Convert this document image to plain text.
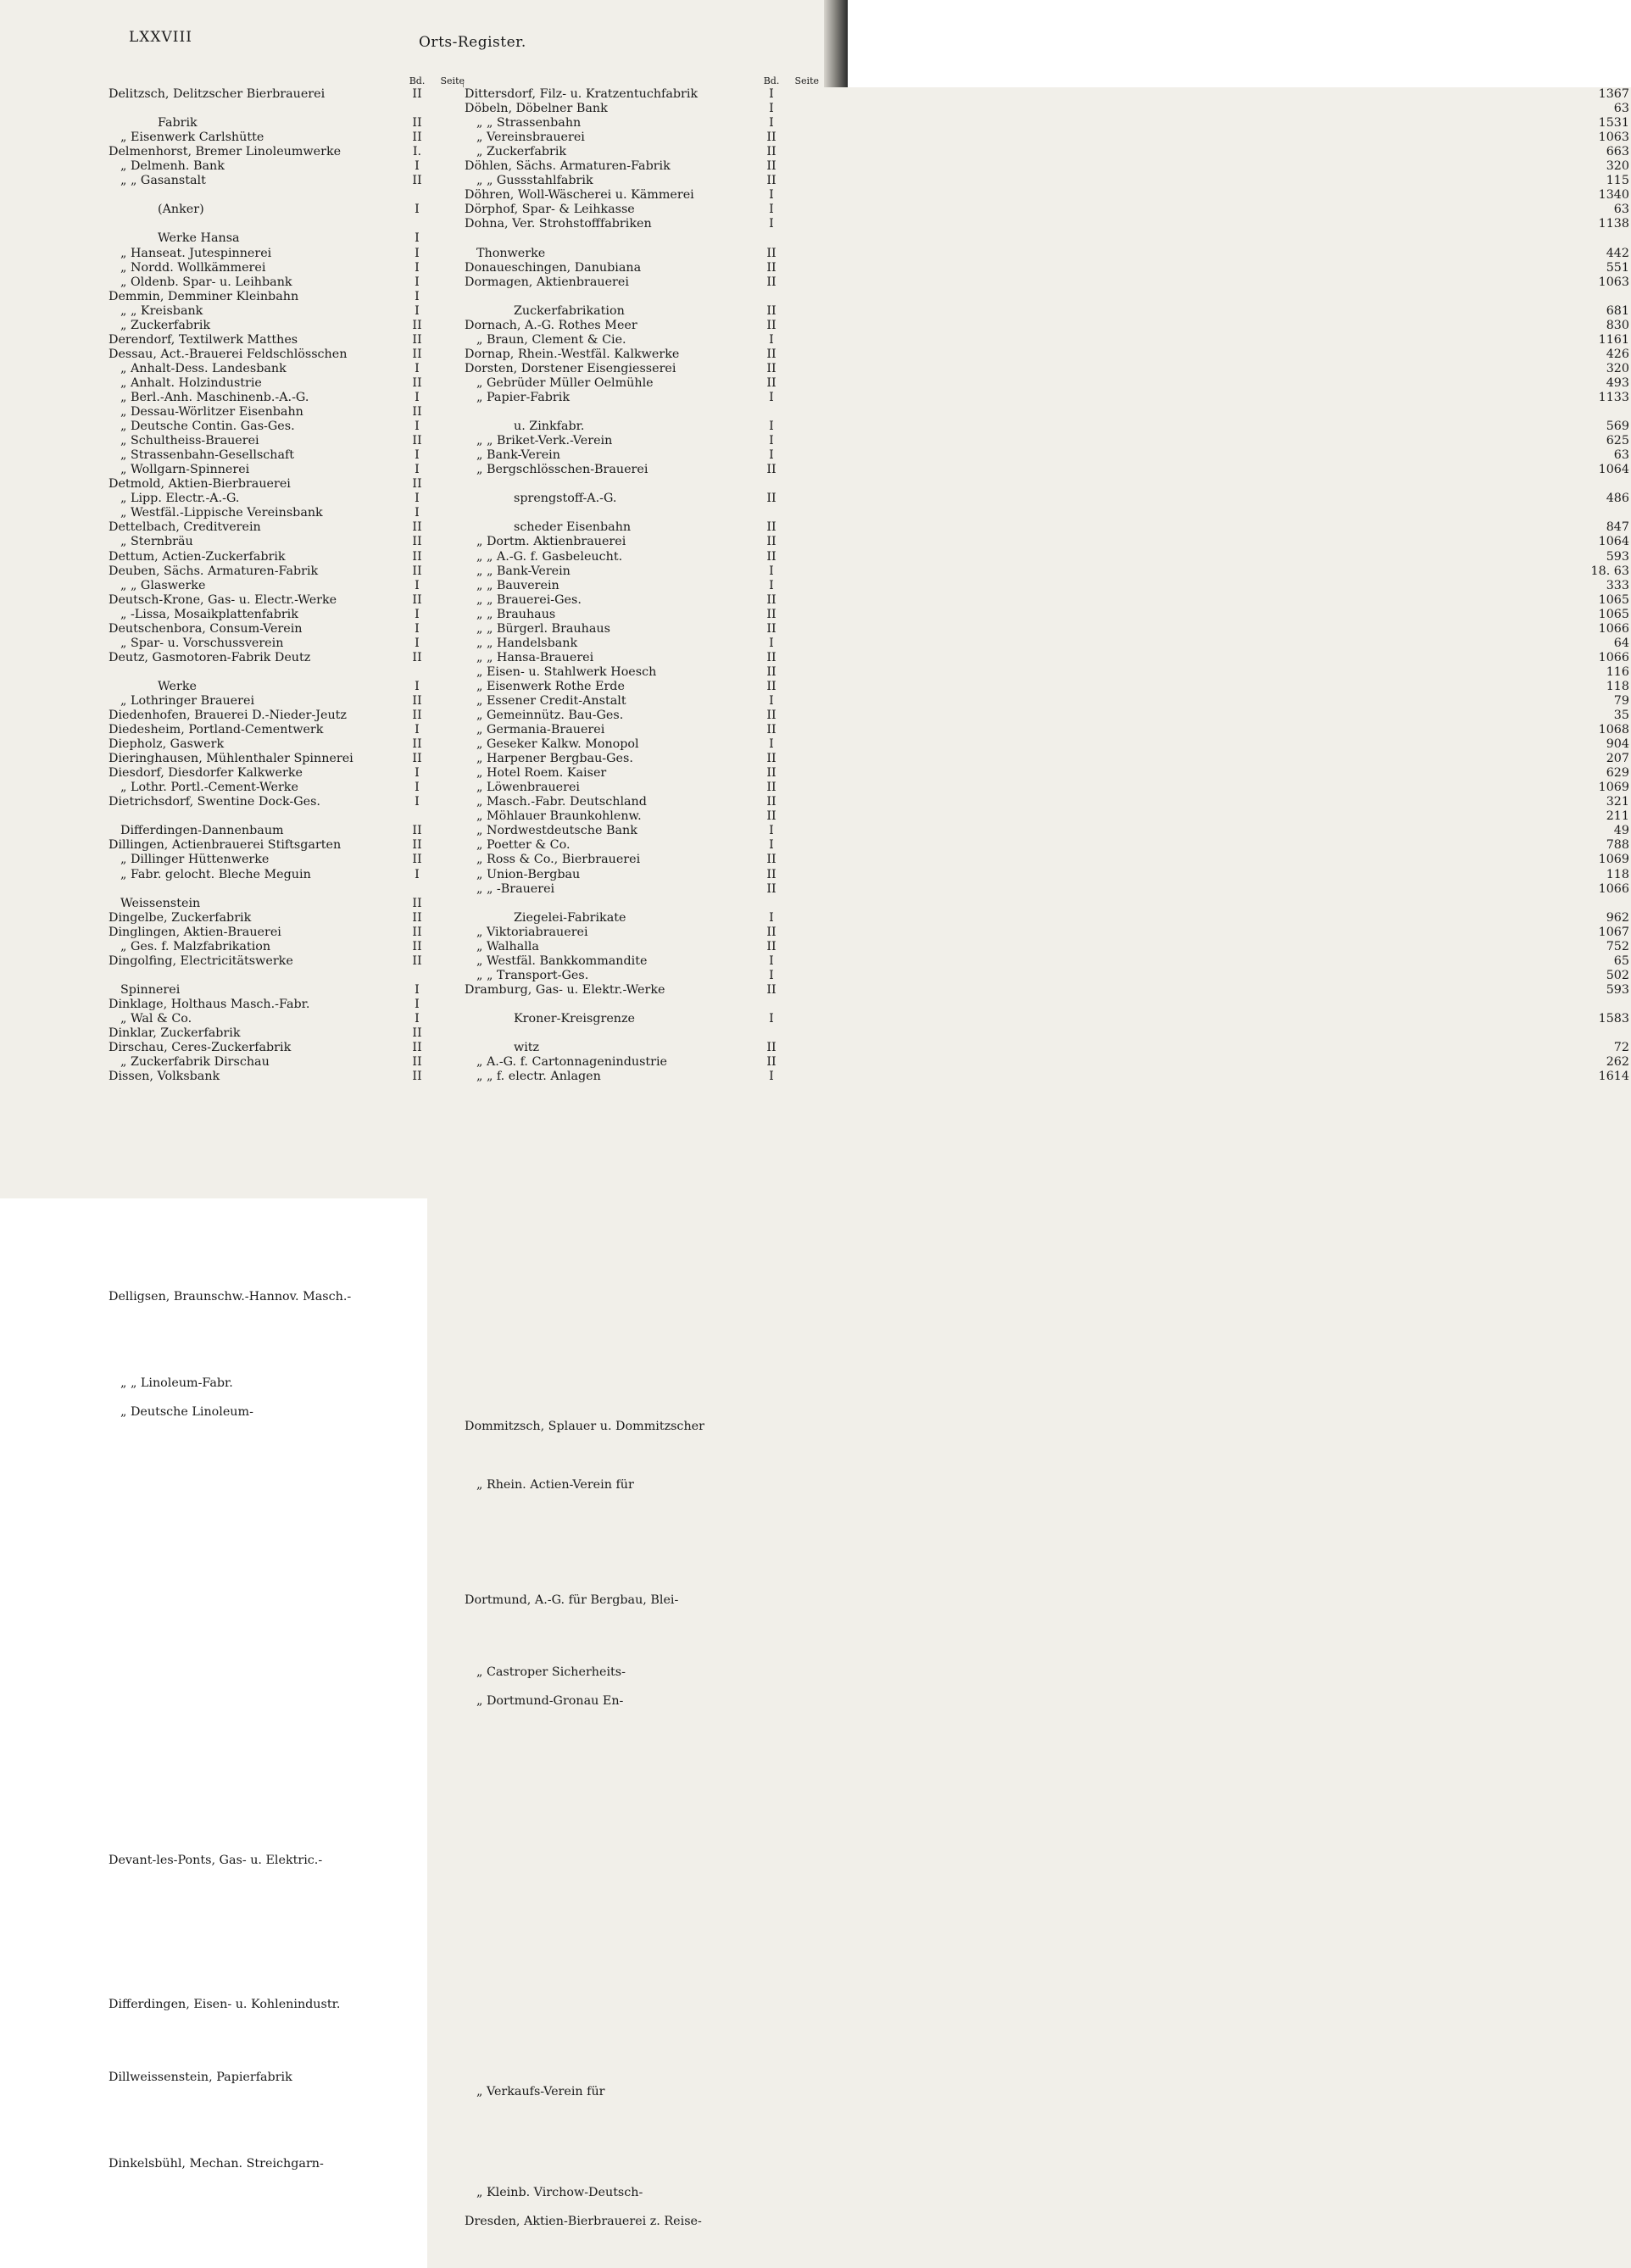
LXXVIII	Orts-Register.
Bd.	Seite
Delitzsch, Delitzscher Bierbrauerei	II
Delligsen, Braunschw.-Hannov. Masch.-
Fabrik	II
„ Eisenwerk Carlshütte	II
Delmenhorst, Bremer Linoleumwerke	I.
„ Delmenh. Bank	I
„ „ Gasanstalt	II
„ „ Linoleum-Fabr.
(Anker)	I
„ Deutsche Linoleum-
Werke Hansa	I
„ Hanseat. Jutespinnerei	I
„ Nordd. Wollkämmerei	I
„ Oldenb. Spar- u. Leihbank	I
Demmin, Demminer Kleinbahn	I
„ „ Kreisbank	I
„ Zuckerfabrik	II
Derendorf, Textilwerk Matthes	II
Dessau, Act.-Brauerei Feldschlösschen	II
„ Anhalt-Dess. Landesbank	I
„ Anhalt. Holzindustrie	II
„ Berl.-Anh. Maschinenb.-A.-G.	I
„ Dessau-Wörlitzer Eisenbahn	II
„ Deutsche Contin. Gas-Ges.	I
„ Schultheiss-Brauerei	II
„ Strassenbahn-Gesellschaft	I
„ Wollgarn-Spinnerei	I
Detmold, Aktien-Bierbrauerei	II
„ Lipp. Electr.-A.-G.	I
„ Westfäl.-Lippische Vereinsbank	I
Dettelbach, Creditverein	II
„ Sternbräu	II
Dettum, Actien-Zuckerfabrik	II
Deuben, Sächs. Armaturen-Fabrik	II
„ „ Glaswerke	I
Deutsch-Krone, Gas- u. Electr.-Werke	II
„ -Lissa, Mosaikplattenfabrik	I
Deutschenbora, Consum-Verein	I
„ Spar- u. Vorschussverein	I
Deutz, Gasmotoren-Fabrik Deutz	II
Devant-les-Ponts, Gas- u. Elektric.-
Werke	I
„ Lothringer Brauerei	II
Diedenhofen, Brauerei D.-Nieder-Jeutz	II
Diedesheim, Portland-Cementwerk	I
Diepholz, Gaswerk	II
Dieringhausen, Mühlenthaler Spinnerei	II
Diesdorf, Diesdorfer Kalkwerke	I
„ Lothr. Portl.-Cement-Werke	I
Dietrichsdorf, Swentine Dock-Ges.	I
Differdingen, Eisen- u. Kohlenindustr.
Differdingen-Dannenbaum	II
Dillingen, Actienbrauerei Stiftsgarten	II
„ Dillinger Hüttenwerke	II
„ Fabr. gelocht. Bleche Meguin	I
Dillweissenstein, Papierfabrik
Weissenstein	II
Dingelbe, Zuckerfabrik	II
Dinglingen, Aktien-Brauerei	II
„ Ges. f. Malzfabrikation	II
Dingolfing, Electricitätswerke	II
Dinkelsbühl, Mechan. Streichgarn-
Spinnerei	I
Dinklage, Holthaus Masch.-Fabr.	I
„ Wal & Co.	I
Dinklar, Zuckerfabrik	II
Dirschau, Ceres-Zuckerfabrik	II
„ Zuckerfabrik Dirschau	II
Dissen, Volksbank	II
Bd.	Seite
Dittersdorf, Filz- u. Kratzentuchfabrik	I	1367
Döbeln, Döbelner Bank	I	63
„ „ Strassenbahn	I	1531
„ Vereinsbrauerei	II	1063
„ Zuckerfabrik	II	663
Döhlen, Sächs. Armaturen-Fabrik	II	320
„ „ Gussstahlfabrik	II	115
Döhren, Woll-Wäscherei u. Kämmerei	I	1340
Dörphof, Spar- & Leihkasse	I	63
Dohna, Ver. Strohstofffabriken	I	1138
Dommitzsch, Splauer u. Dommitzscher
Thonwerke	II	442
Donaueschingen, Danubiana	II	551
Dormagen, Aktienbrauerei	II	1063
„ Rhein. Actien-Verein für
Zuckerfabrikation	II	681
Dornach, A.-G. Rothes Meer	II	830
„ Braun, Clement & Cie.	I	1161
Dornap, Rhein.-Westfäl. Kalkwerke	II	426
Dorsten, Dorstener Eisengiesserei	II	320
„ Gebrüder Müller Oelmühle	II	493
„ Papier-Fabrik	I	1133
Dortmund, A.-G. für Bergbau, Blei-
u. Zinkfabr.	I	569
„ „ Briket-Verk.-Verein	I	625
„ Bank-Verein	I	63
„ Bergschlösschen-Brauerei	II	1064
„ Castroper Sicherheits-
sprengstoff-A.-G.	II	486
„ Dortmund-Gronau En-
scheder Eisenbahn	II	847
„ Dortm. Aktienbrauerei	II	1064
„ „ A.-G. f. Gasbeleucht.	II	593
„ „ Bank-Verein	I	18. 63
„ „ Bauverein	I	333
„ „ Brauerei-Ges.	II	1065
„ „ Brauhaus	II	1065
„ „ Bürgerl. Brauhaus	II	1066
„ „ Handelsbank	I	64
„ „ Hansa-Brauerei	II	1066
„ Eisen- u. Stahlwerk Hoesch	II	116
„ Eisenwerk Rothe Erde	II	118
„ Essener Credit-Anstalt	I	79
„ Gemeinnütz. Bau-Ges.	II	35
„ Germania-Brauerei	II	1068
„ Geseker Kalkw. Monopol	I	904
„ Harpener Bergbau-Ges.	II	207
„ Hotel Roem. Kaiser	II	629
„ Löwenbrauerei	II	1069
„ Masch.-Fabr. Deutschland	II	321
„ Möhlauer Braunkohlenw.	II	211
„ Nordwestdeutsche Bank	I	49
„ Poetter & Co.	I	788
„ Ross & Co., Bierbrauerei	II	1069
„ Union-Bergbau	II	118
„ „ -Brauerei	II	1066
„ Verkaufs-Verein für
Ziegelei-Fabrikate	I	962
„ Viktoriabrauerei	II	1067
„ Walhalla	II	752
„ Westfäl. Bankkommandite	I	65
„ „ Transport-Ges.	I	502
Dramburg, Gas- u. Elektr.-Werke	II	593
„ Kleinb. Virchow-Deutsch-
Kroner-Kreisgrenze	I	1583
Dresden, Aktien-Bierbrauerei z. Reise-
witz	II	72
„ A.-G. f. Cartonnagenindustrie	II	262
„ „ f. electr. Anlagen	I	1614
